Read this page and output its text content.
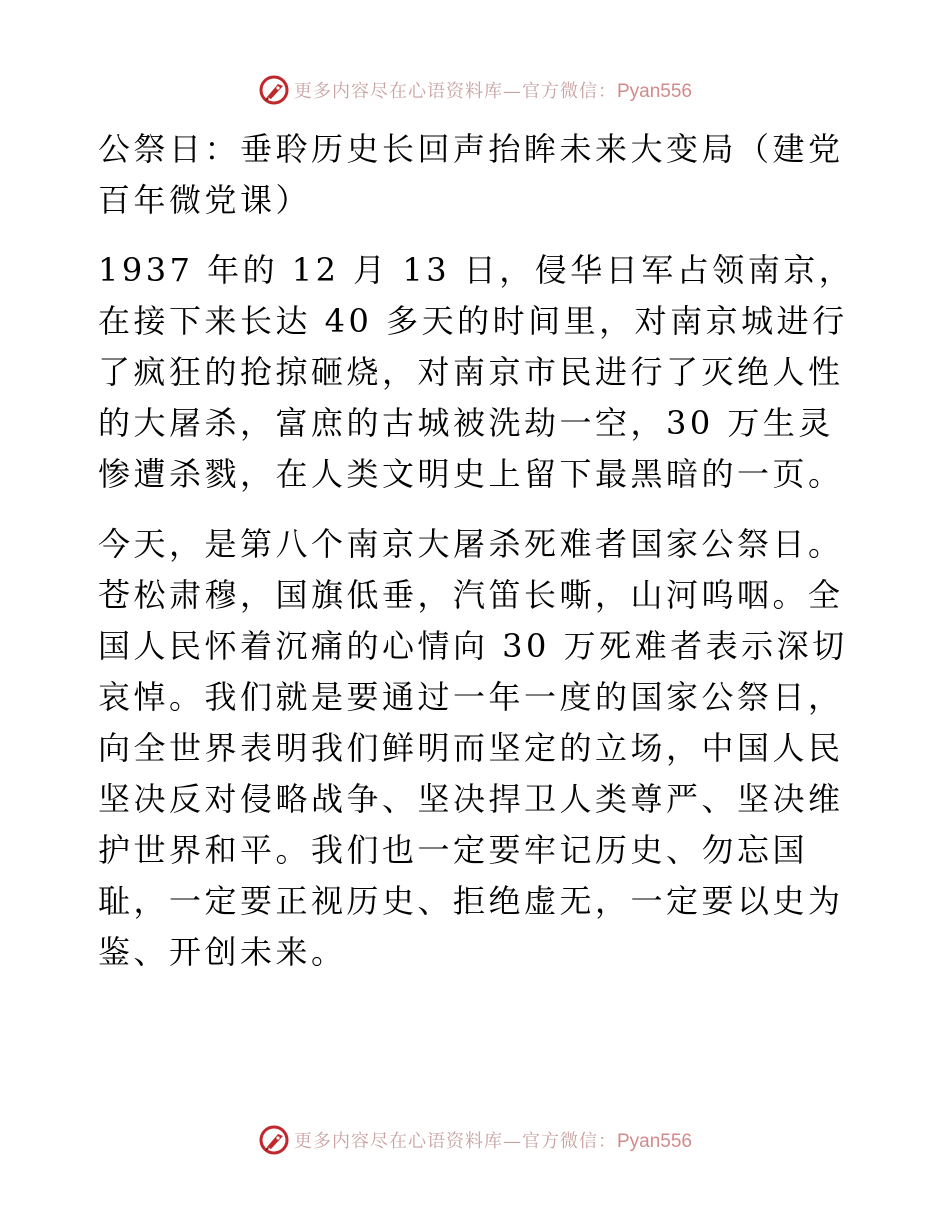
更多内容尽在心语资料库—官方微信：Pyan556

公祭日：垂聆历史长回声抬眸未来大变局（建党百年微党课）

1937 年的 12 月 13 日，侵华日军占领南京，在接下来长达 40 多天的时间里，对南京城进行了疯狂的抢掠砸烧，对南京市民进行了灭绝人性的大屠杀，富庶的古城被洗劫一空，30 万生灵惨遭杀戮，在人类文明史上留下最黑暗的一页。

今天，是第八个南京大屠杀死难者国家公祭日。苍松肃穆，国旗低垂，汽笛长嘶，山河呜咽。全国人民怀着沉痛的心情向 30 万死难者表示深切哀悼。我们就是要通过一年一度的国家公祭日，向全世界表明我们鲜明而坚定的立场，中国人民坚决反对侵略战争、坚决捍卫人类尊严、坚决维护世界和平。我们也一定要牢记历史、勿忘国耻，一定要正视历史、拒绝虚无，一定要以史为鉴、开创未来。

更多内容尽在心语资料库—官方微信：Pyan556
